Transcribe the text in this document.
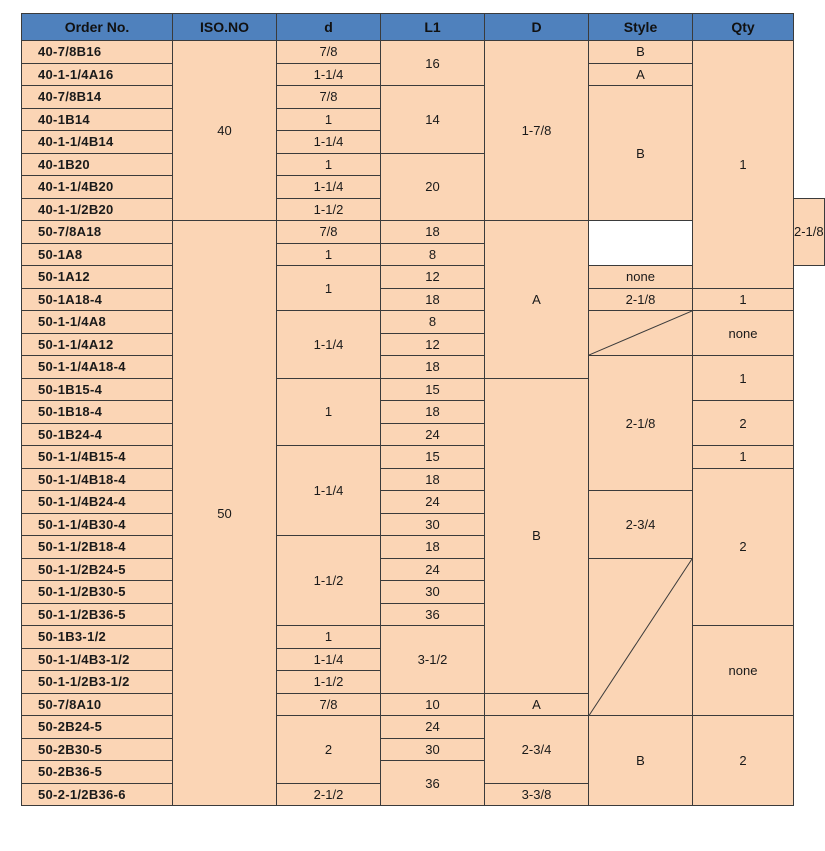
Order No.	ISO.NO	d	L1	D	Style	Qty	
40-7/8B16	40	7/8	16	1-7/8	B	1	
40-1-1/4A16		1-1/4			A		
40-7/8B14		7/8	14		B		
40-1B14		1					
40-1-1/4B14		1-1/4					
40-1B20		1	20				
40-1-1/4B20		1-1/4					
40-1-1/2B20		1-1/2					2-1/8
50-7/8A18	50	7/8	18	A			
50-1A8		1	8				
50-1A12		1	12		none		
50-1A18-4			18		2-1/8	1	
50-1-1/4A8		1-1/4	8			none	
50-1-1/4A12			12				
50-1-1/4A18-4			18		2-1/8	1	
50-1B15-4		1	15	B			
50-1B18-4			18			2	
50-1B24-4			24				
50-1-1/4B15-4		1-1/4	15			1	
50-1-1/4B18-4			18			2	
50-1-1/4B24-4			24		2-3/4		
50-1-1/4B30-4			30				
50-1-1/2B18-4		1-1/2	18				
50-1-1/2B24-5			24	

50-1-1/2B30-5			30				
50-1-1/2B36-5			36				
50-1B3-1/2		1	3-1/2			none	
50-1-1/4B3-1/2		1-1/4					
50-1-1/2B3-1/2		1-1/2					
50-7/8A10		7/8	10	A			
50-2B24-5		2	24	2-3/4	B	2	
50-2B30-5			30				
50-2B36-5			36				
50-2-1/2B36-6		2-1/2		3-3/8			
